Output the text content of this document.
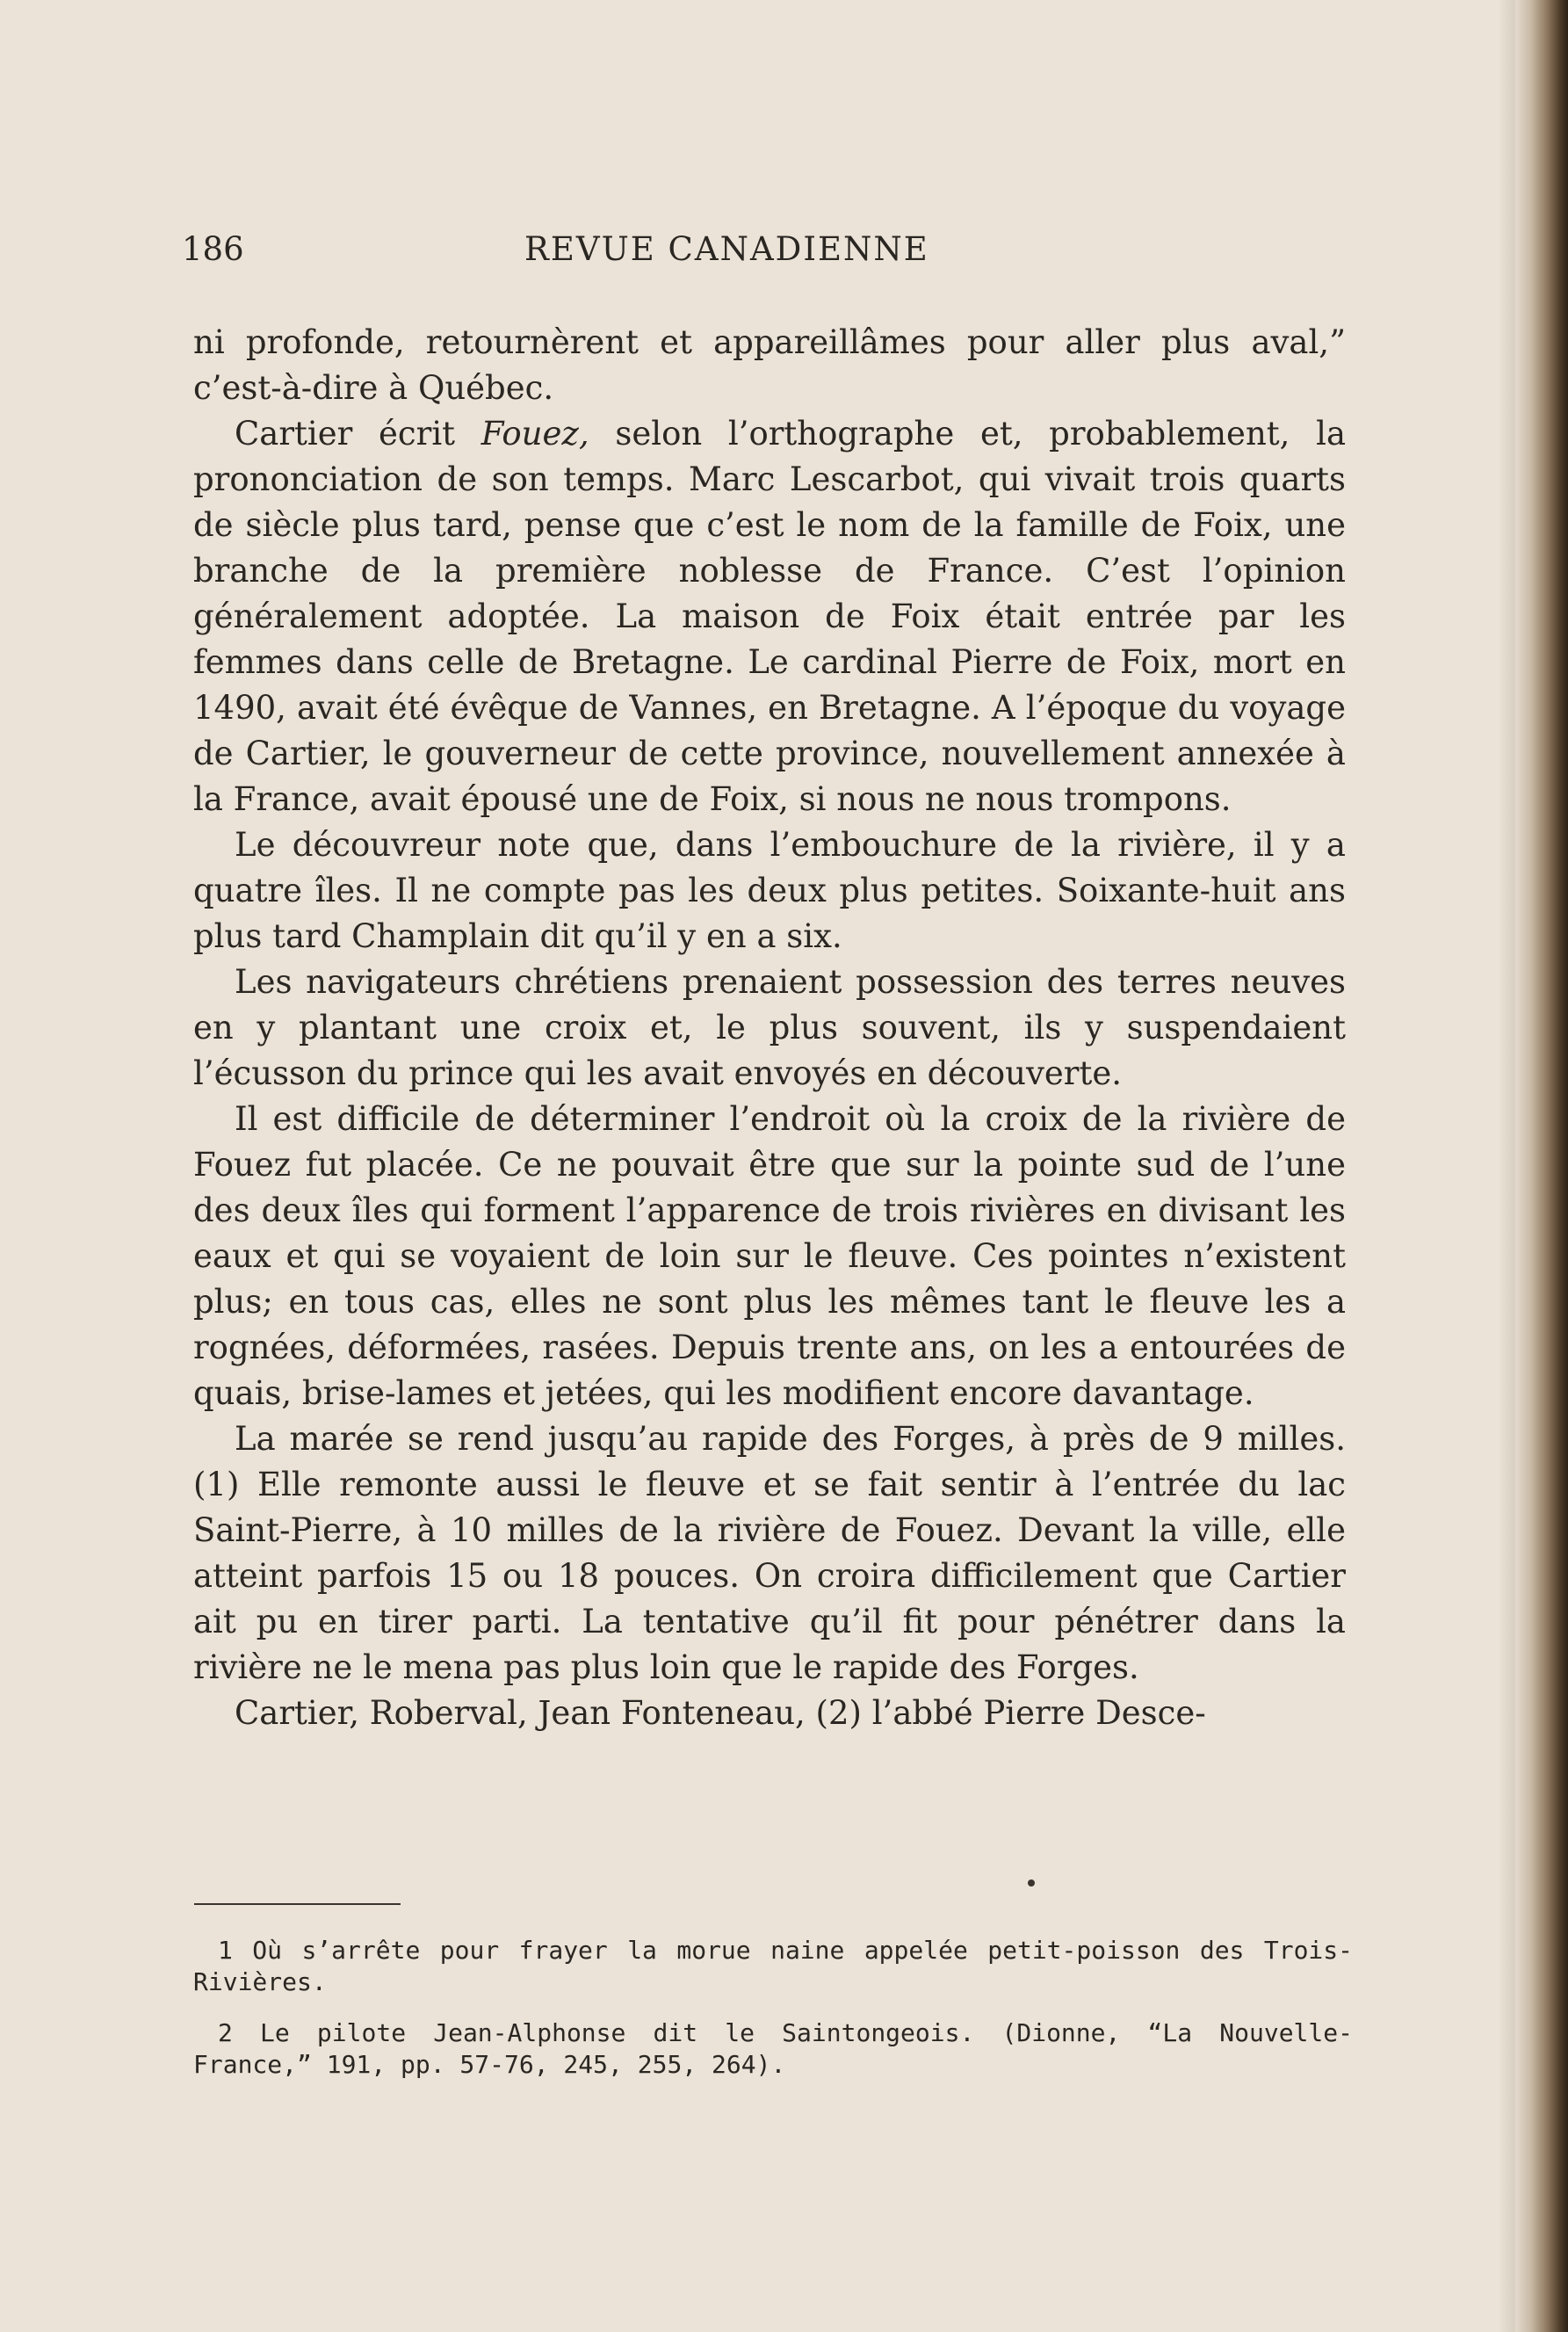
186	REVUE CANADIENNE

ni profonde, retournèrent et appareillâmes pour aller plus aval,” c’est-à-dire à Québec.

Cartier écrit Fouez, selon l’orthographe et, probablement, la prononciation de son temps. Marc Lescarbot, qui vivait trois quarts de siècle plus tard, pense que c’est le nom de la famille de Foix, une branche de la première noblesse de France. C’est l’opinion généralement adoptée. La maison de Foix était entrée par les femmes dans celle de Bretagne. Le cardinal Pierre de Foix, mort en 1490, avait été évêque de Vannes, en Bretagne. A l’époque du voyage de Cartier, le gouverneur de cette province, nouvellement annexée à la France, avait épousé une de Foix, si nous ne nous trompons.

Le découvreur note que, dans l’embouchure de la rivière, il y a quatre îles. Il ne compte pas les deux plus petites. Soixante-huit ans plus tard Champlain dit qu’il y en a six.

Les navigateurs chrétiens prenaient possession des terres neuves en y plantant une croix et, le plus souvent, ils y suspendaient l’écusson du prince qui les avait envoyés en découverte.

Il est difficile de déterminer l’endroit où la croix de la rivière de Fouez fut placée. Ce ne pouvait être que sur la pointe sud de l’une des deux îles qui forment l’apparence de trois rivières en divisant les eaux et qui se voyaient de loin sur le fleuve. Ces pointes n’existent plus; en tous cas, elles ne sont plus les mêmes tant le fleuve les a rognées, déformées, rasées. Depuis trente ans, on les a entourées de quais, brise-lames et jetées, qui les modifient encore davantage.

La marée se rend jusqu’au rapide des Forges, à près de 9 milles. (1) Elle remonte aussi le fleuve et se fait sentir à l’entrée du lac Saint-Pierre, à 10 milles de la rivière de Fouez. Devant la ville, elle atteint parfois 15 ou 18 pouces. On croira difficilement que Cartier ait pu en tirer parti. La tentative qu’il fit pour pénétrer dans la rivière ne le mena pas plus loin que le rapide des Forges.

Cartier, Roberval, Jean Fonteneau, (2) l’abbé Pierre Desce-

1 Où s’arrête pour frayer la morue naine appelée petit-poisson des Trois-Rivières.

2 Le pilote Jean-Alphonse dit le Saintongeois. (Dionne, “La Nouvelle-France,” 191, pp. 57-76, 245, 255, 264).
